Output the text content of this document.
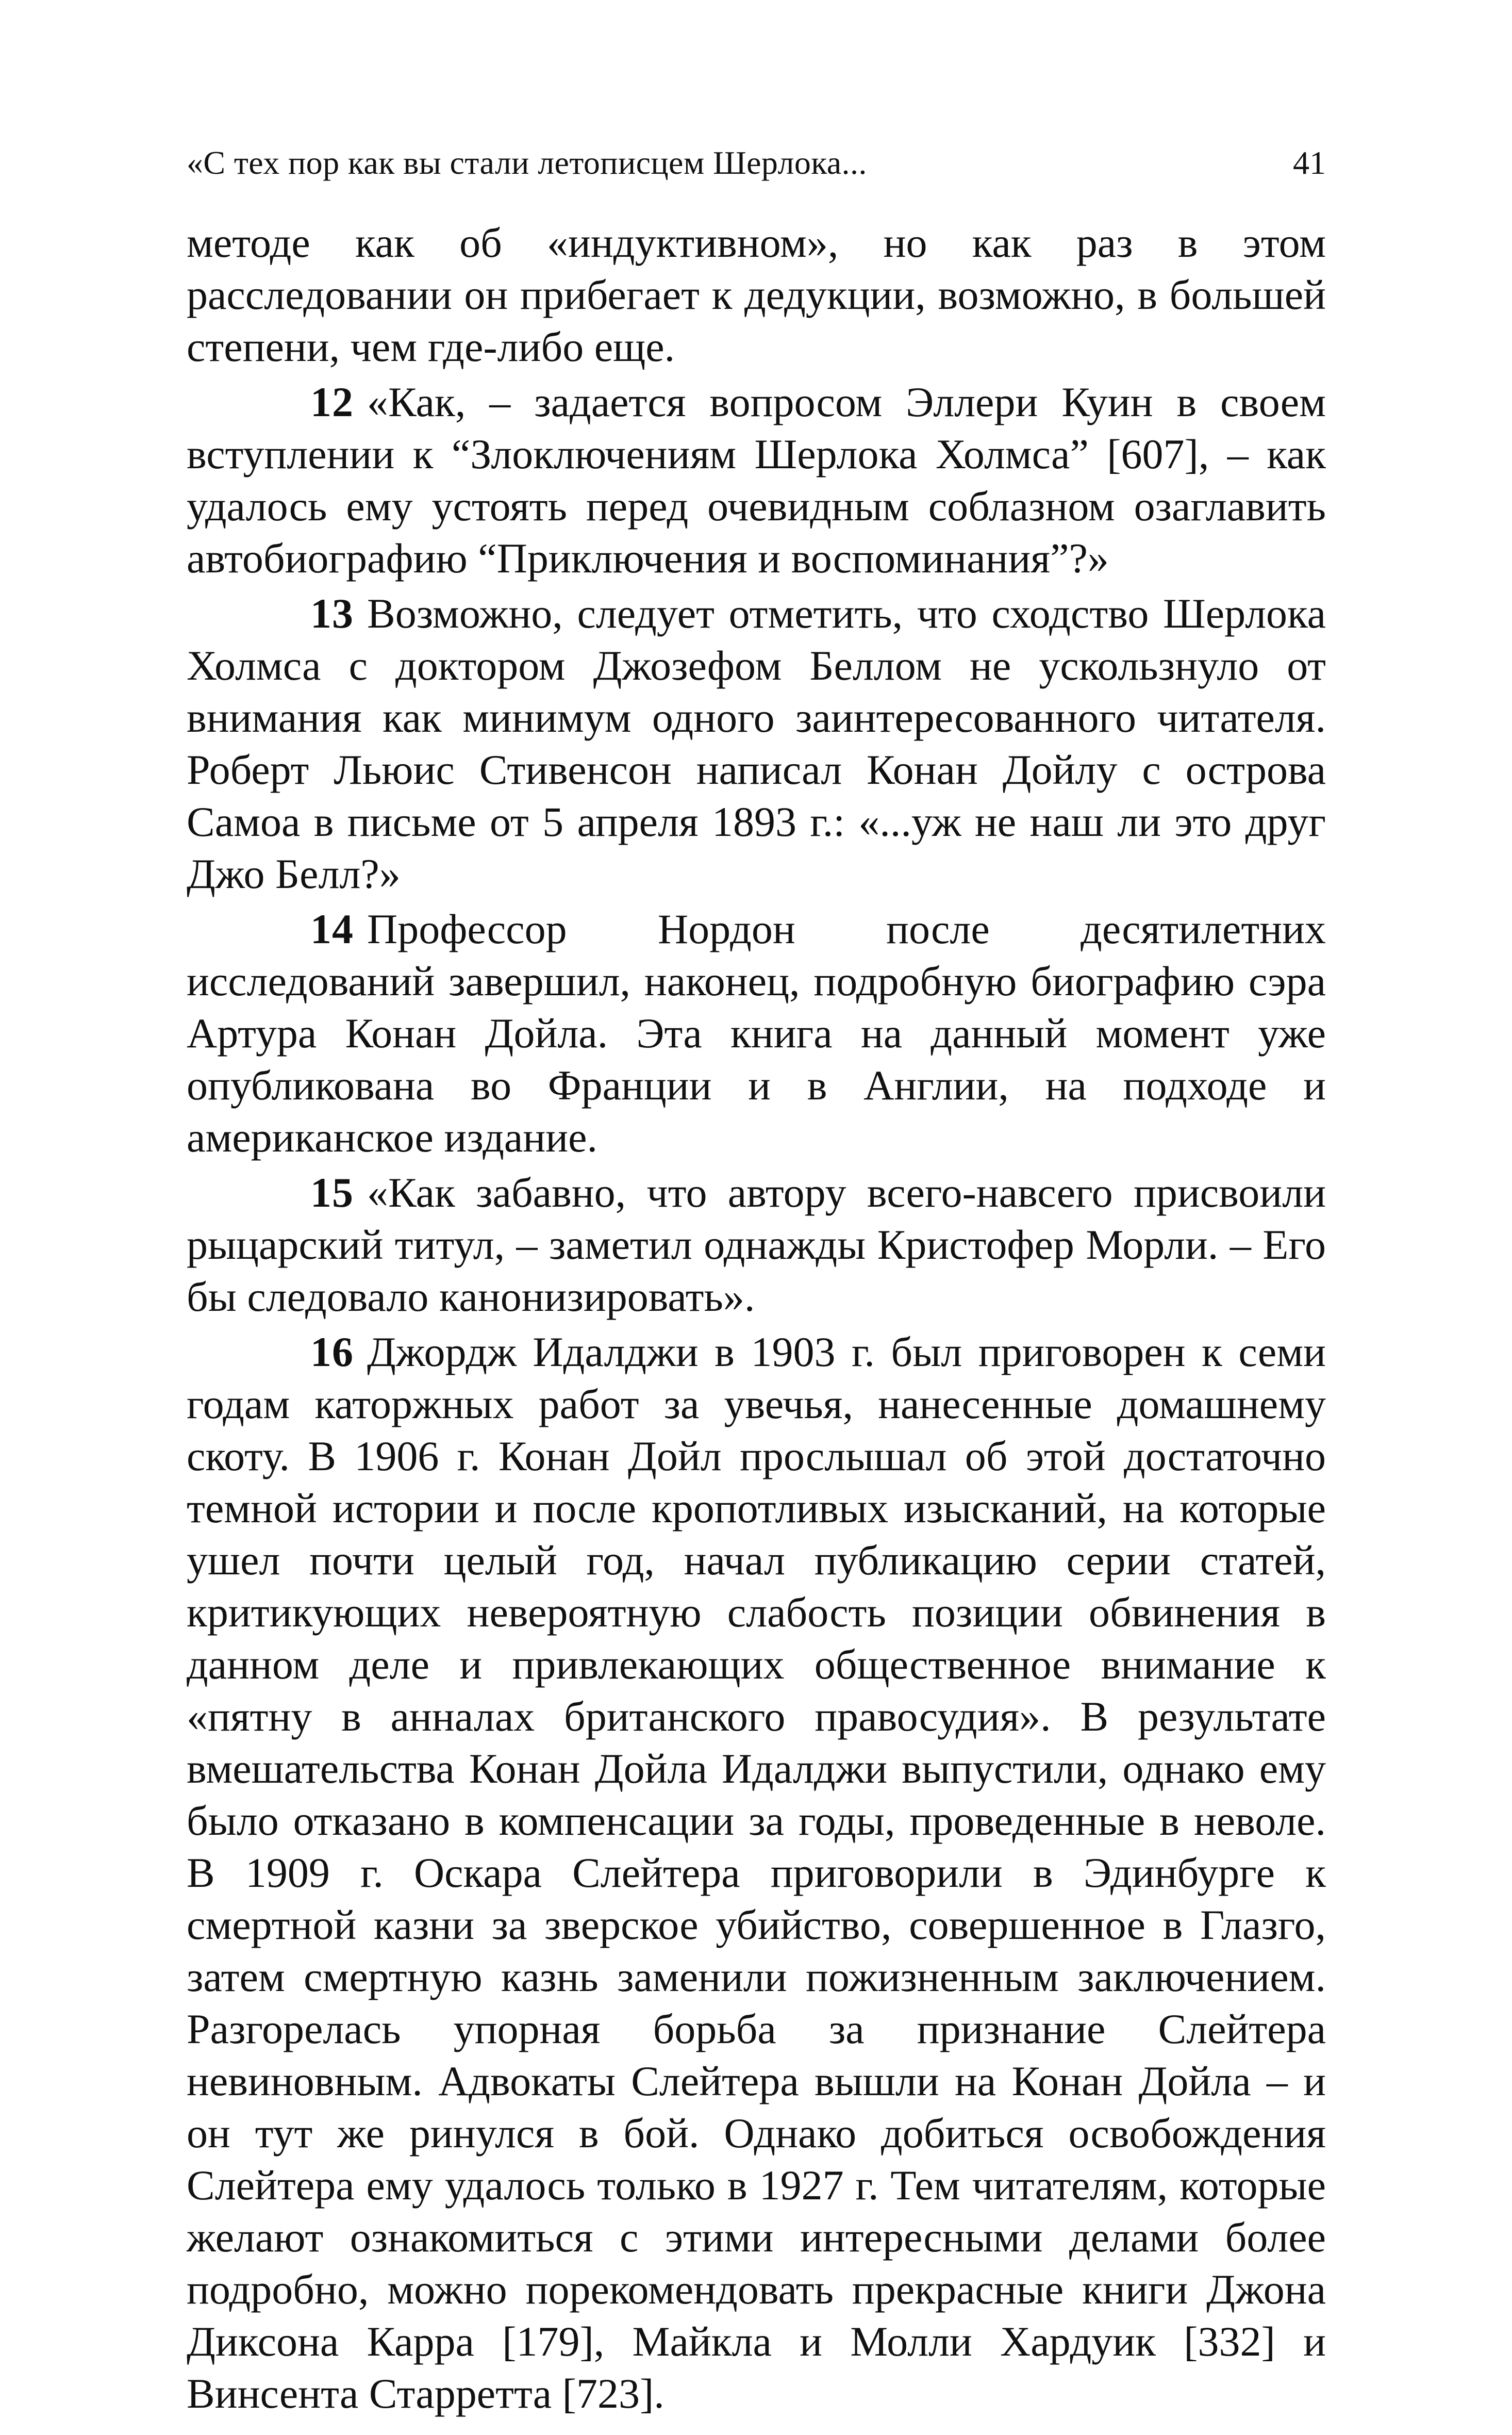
«С тех пор как вы стали летописцем Шерлока...	41

методе как об «индуктивном», но как раз в этом расследовании он прибегает к дедукции, возможно, в большей степени, чем где-либо еще.

12 «Как, – задается вопросом Эллери Куин в своем вступлении к “Злоключениям Шерлока Холмса” [607], – как удалось ему устоять перед очевидным соблазном озаглавить автобиографию “Приключения и воспоминания”?»

13 Возможно, следует отметить, что сходство Шерлока Холмса с доктором Джозефом Беллом не ускользнуло от внимания как минимум одного заинтересованного читателя. Роберт Льюис Стивенсон написал Конан Дойлу с острова Самоа в письме от 5 апреля 1893 г.: «...уж не наш ли это друг Джо Белл?»

14 Профессор Нордон после десятилетних исследований завершил, наконец, подробную биографию сэра Артура Конан Дойла. Эта книга на данный момент уже опубликована во Франции и в Англии, на подходе и американское издание.

15 «Как забавно, что автору всего-навсего присвоили рыцарский титул, – заметил однажды Кристофер Морли. – Его бы следовало канонизировать».

16 Джордж Идалджи в 1903 г. был приговорен к семи годам каторжных работ за увечья, нанесенные домашнему скоту. В 1906 г. Конан Дойл прослышал об этой достаточно темной истории и после кропотливых изысканий, на которые ушел почти целый год, начал публикацию серии статей, критикующих невероятную слабость позиции обвинения в данном деле и привлекающих общественное внимание к «пятну в анналах британского правосудия». В результате вмешательства Конан Дойла Идалджи выпустили, однако ему было отказано в компенсации за годы, проведенные в неволе. В 1909 г. Оскара Слейтера приговорили в Эдинбурге к смертной казни за зверское убийство, совершенное в Глазго, затем смертную казнь заменили пожизненным заключением. Разгорелась упорная борьба за признание Слейтера невиновным. Адвокаты Слейтера вышли на Конан Дойла – и он тут же ринулся в бой. Однако добиться освобождения Слейтера ему удалось только в 1927 г. Тем читателям, которые желают ознакомиться с этими интересными делами более подробно, можно порекомендовать прекрасные книги Джона Диксона Карра [179], Майкла и Молли Хардуик [332] и Винсента Старретта [723].
